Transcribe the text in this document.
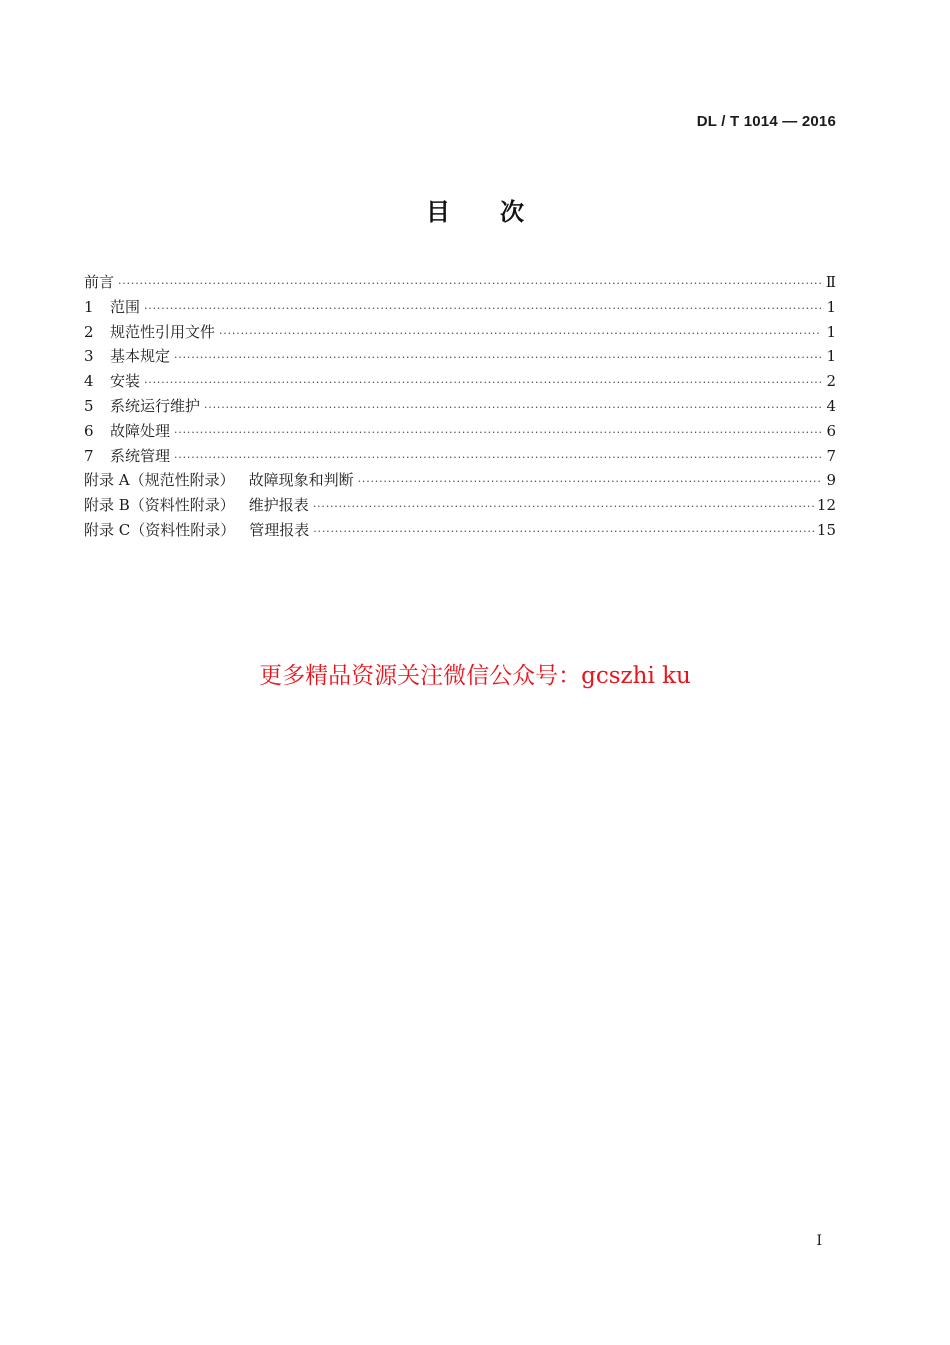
DL / T 1014 — 2016
目 次
前言 ·····	Ⅱ
1 范围 ·····	1
2 规范性引用文件 ·····	1
3 基本规定 ·····	1
4 安装 ·····	2
5 系统运行维护 ·····	4
6 故障处理 ·····	6
7 系统管理 ·····	7
附录 A（规范性附录） 故障现象和判断 ·····	9
附录 B（资料性附录） 维护报表 ·····	12
附录 C（资料性附录） 管理报表 ·····	15
更多精品资源关注微信公众号：gcszhi ku
I
